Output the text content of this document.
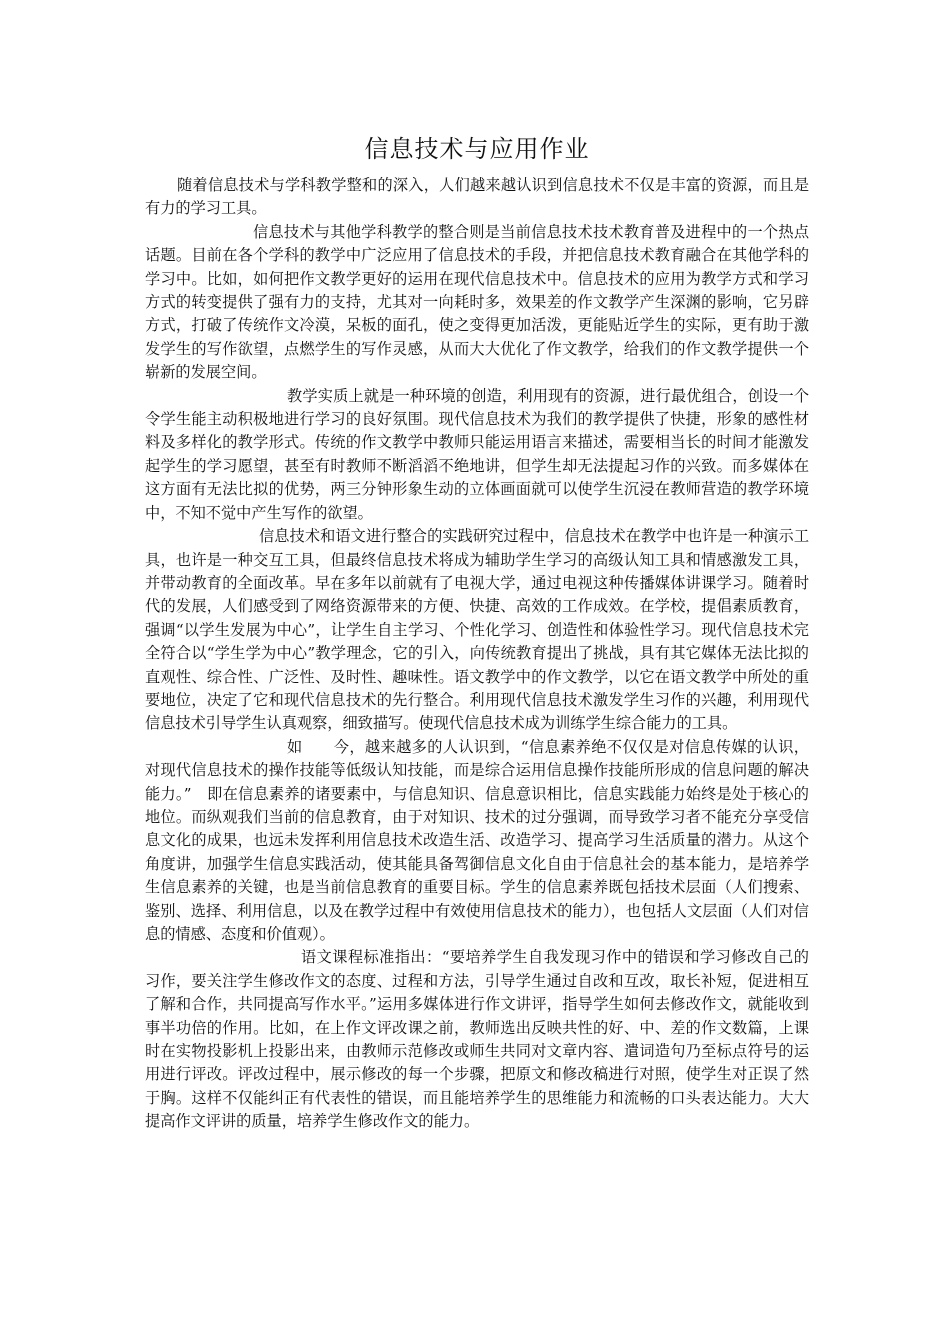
信息技术与应用作业

随着信息技术与学科教学整和的深入，人们越来越认识到信息技术不仅是丰富的资源，而且是有力的学习工具。

信息技术与其他学科教学的整合则是当前信息技术技术教育普及进程中的一个热点话题。目前在各个学科的教学中广泛应用了信息技术的手段，并把信息技术教育融合在其他学科的学习中。比如，如何把作文教学更好的运用在现代信息技术中。信息技术的应用为教学方式和学习方式的转变提供了强有力的支持，尤其对一向耗时多，效果差的作文教学产生深渊的影响，它另辟方式，打破了传统作文冷漠，呆板的面孔，使之变得更加活泼，更能贴近学生的实际，更有助于激发学生的写作欲望，点燃学生的写作灵感，从而大大优化了作文教学，给我们的作文教学提供一个崭新的发展空间。

教学实质上就是一种环境的创造，利用现有的资源，进行最优组合，创设一个令学生能主动积极地进行学习的良好氛围。现代信息技术为我们的教学提供了快捷，形象的感性材料及多样化的教学形式。传统的作文教学中教师只能运用语言来描述，需要相当长的时间才能激发起学生的学习愿望，甚至有时教师不断滔滔不绝地讲，但学生却无法提起习作的兴致。而多媒体在这方面有无法比拟的优势，两三分钟形象生动的立体画面就可以使学生沉浸在教师营造的教学环境中，不知不觉中产生写作的欲望。

信息技术和语文进行整合的实践研究过程中，信息技术在教学中也许是一种演示工具，也许是一种交互工具，但最终信息技术将成为辅助学生学习的高级认知工具和情感激发工具，并带动教育的全面改革。早在多年以前就有了电视大学，通过电视这种传播媒体讲课学习。随着时代的发展，人们感受到了网络资源带来的方便、快捷、高效的工作成效。在学校，提倡素质教育，强调“以学生发展为中心”，让学生自主学习、个性化学习、创造性和体验性学习。现代信息技术完全符合以“学生学为中心”教学理念，它的引入，向传统教育提出了挑战，具有其它媒体无法比拟的直观性、综合性、广泛性、及时性、趣味性。语文教学中的作文教学，以它在语文教学中所处的重要地位，决定了它和现代信息技术的先行整合。利用现代信息技术激发学生习作的兴趣，利用现代信息技术引导学生认真观察，细致描写。使现代信息技术成为训练学生综合能力的工具。

如　　今，越来越多的人认识到，“信息素养绝不仅仅是对信息传媒的认识，对现代信息技术的操作技能等低级认知技能，而是综合运用信息操作技能所形成的信息问题的解决能力。”　即在信息素养的诸要素中，与信息知识、信息意识相比，信息实践能力始终是处于核心的地位。而纵观我们当前的信息教育，由于对知识、技术的过分强调，而导致学习者不能充分享受信息文化的成果，也远未发挥利用信息技术改造生活、改造学习、提高学习生活质量的潜力。从这个角度讲，加强学生信息实践活动，使其能具备驾御信息文化自由于信息社会的基本能力，是培养学生信息素养的关键，也是当前信息教育的重要目标。学生的信息素养既包括技术层面（人们搜索、鉴别、选择、利用信息，以及在教学过程中有效使用信息技术的能力），也包括人文层面（人们对信息的情感、态度和价值观）。

语文课程标准指出：“要培养学生自我发现习作中的错误和学习修改自己的习作，要关注学生修改作文的态度、过程和方法，引导学生通过自改和互改，取长补短，促进相互了解和合作，共同提高写作水平。”运用多媒体进行作文讲评，指导学生如何去修改作文，就能收到事半功倍的作用。比如，在上作文评改课之前，教师选出反映共性的好、中、差的作文数篇，上课时在实物投影机上投影出来，由教师示范修改或师生共同对文章内容、遣词造句乃至标点符号的运用进行评改。评改过程中，展示修改的每一个步骤，把原文和修改稿进行对照，使学生对正误了然于胸。这样不仅能纠正有代表性的错误，而且能培养学生的思维能力和流畅的口头表达能力。大大提高作文评讲的质量，培养学生修改作文的能力。
